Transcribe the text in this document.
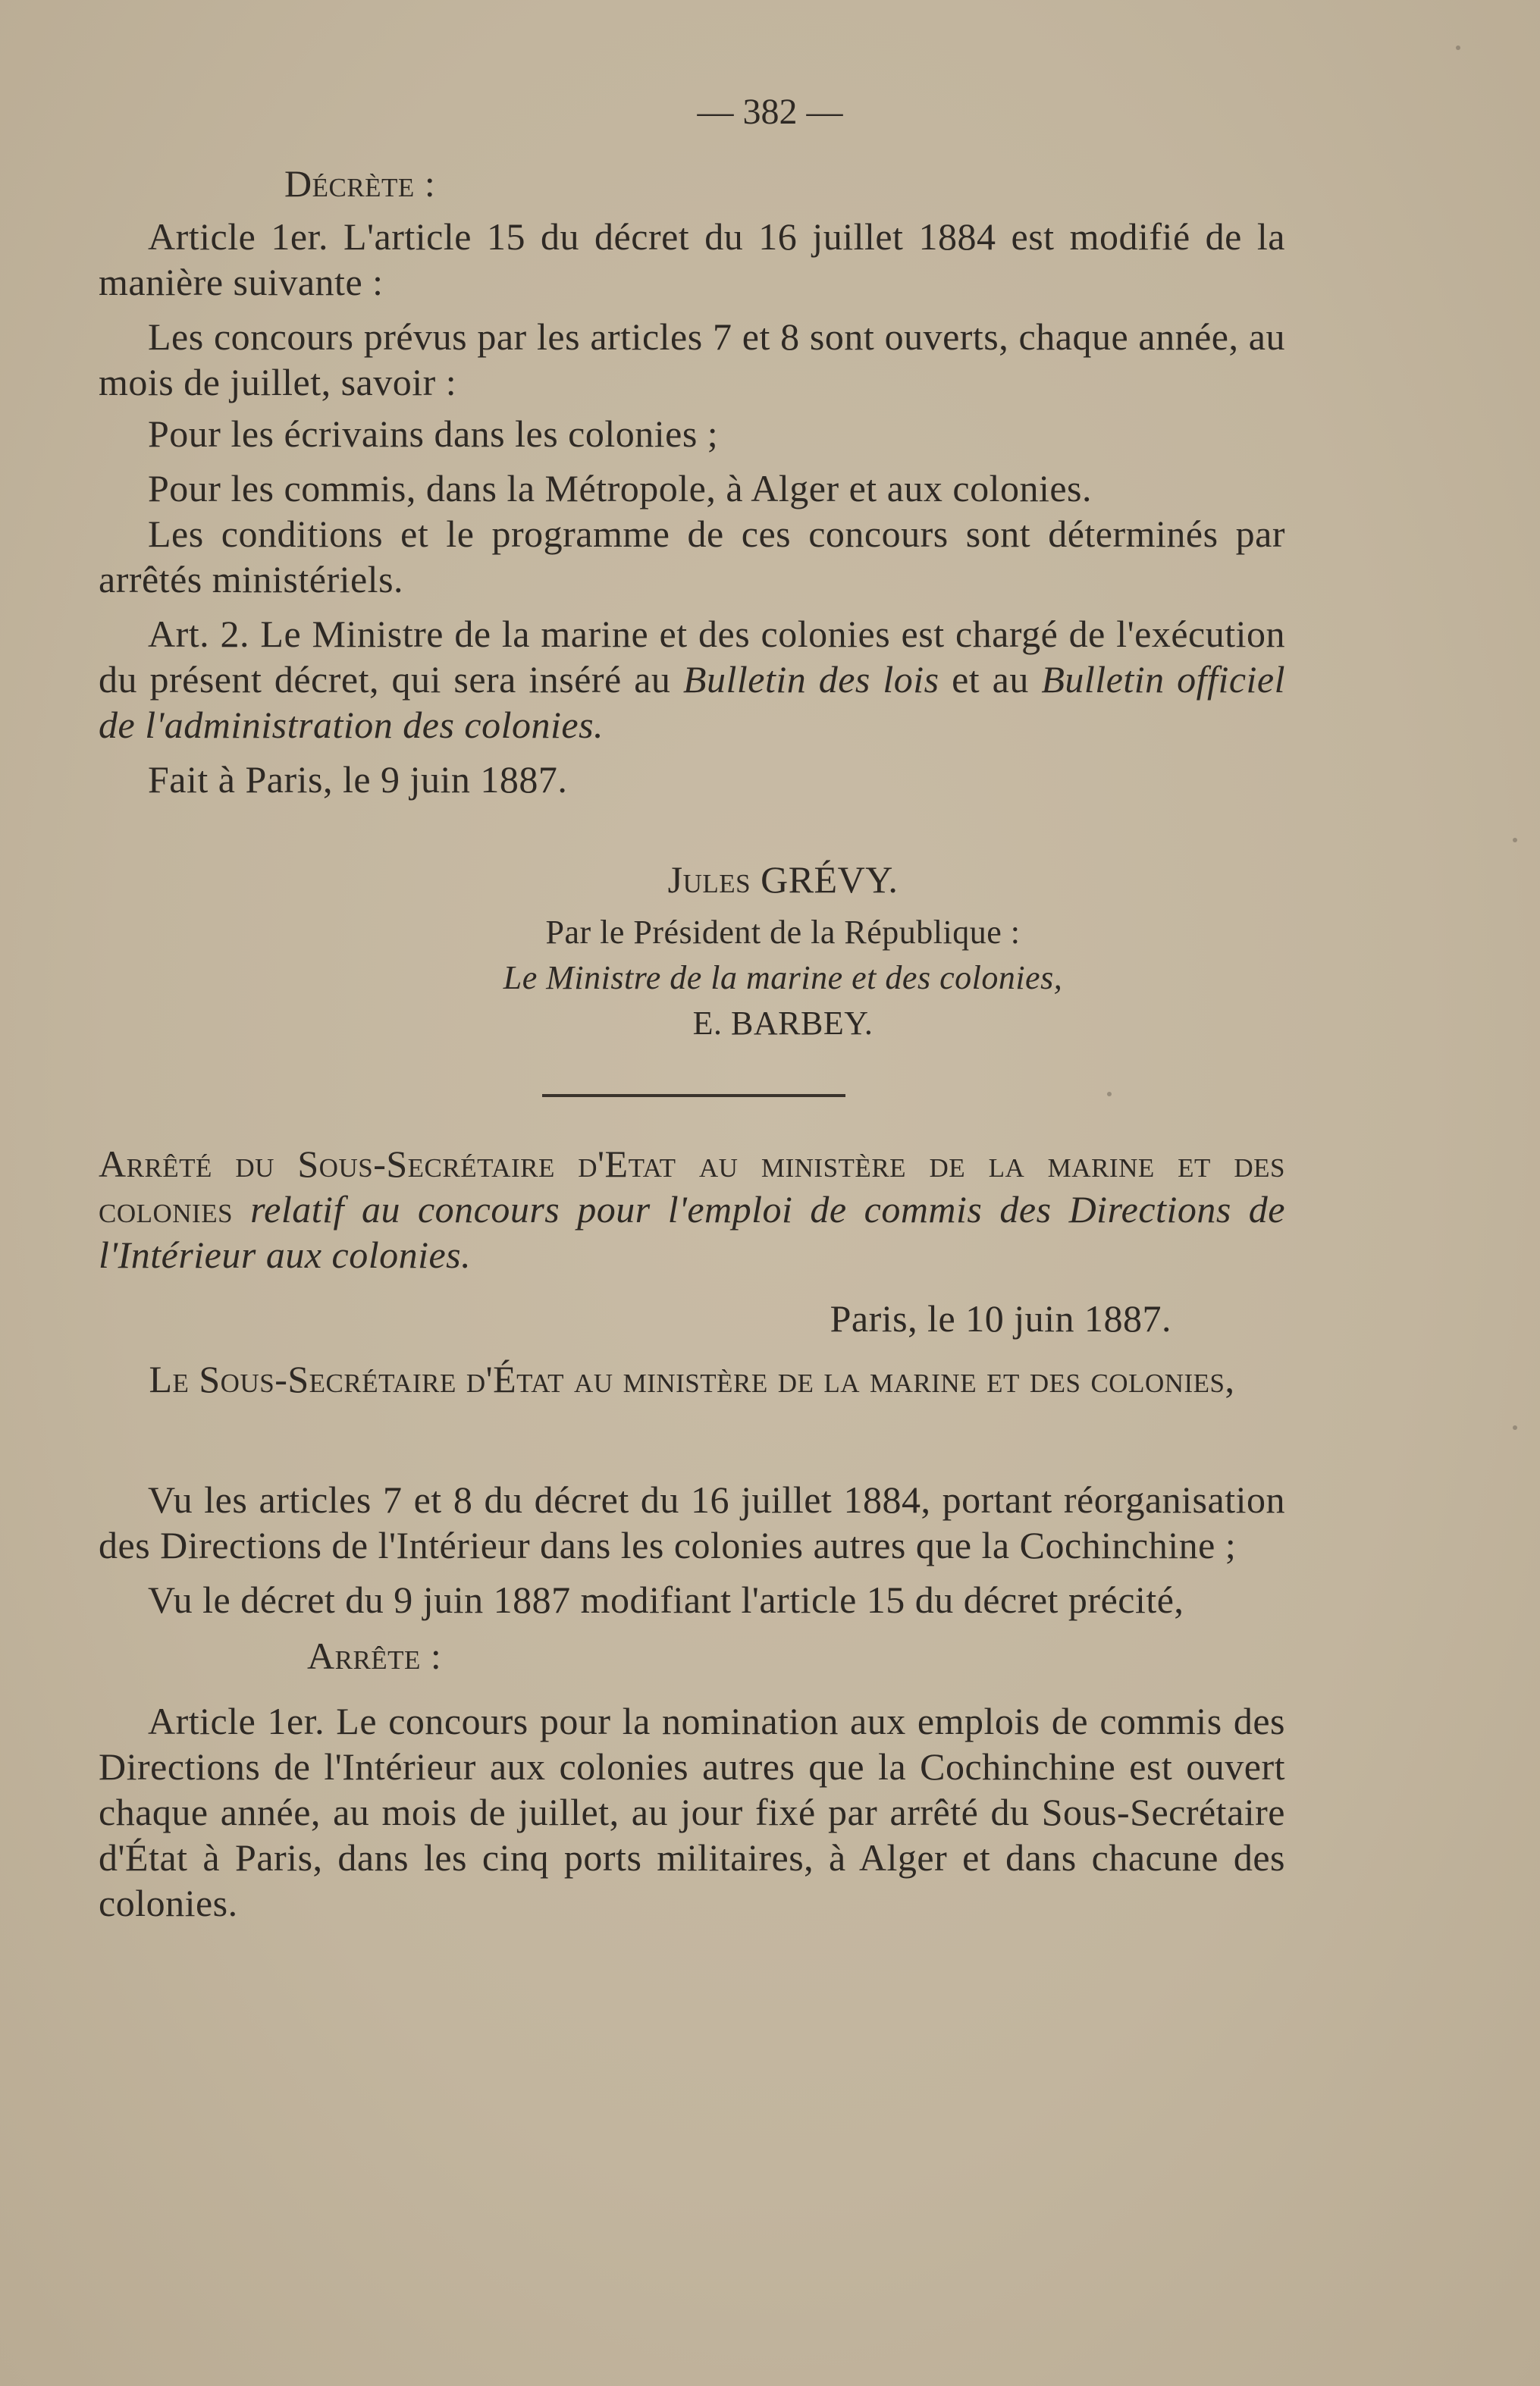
— 382 —

Décrète :

Article 1er. L'article 15 du décret du 16 juillet 1884 est modifié de la manière suivante :

Les concours prévus par les articles 7 et 8 sont ouverts, chaque année, au mois de juillet, savoir :

Pour les écrivains dans les colonies ;

Pour les commis, dans la Métropole, à Alger et aux colonies.

Les conditions et le programme de ces concours sont déterminés par arrêtés ministériels.

Art. 2. Le Ministre de la marine et des colonies est chargé de l'exécution du présent décret, qui sera inséré au Bulletin des lois et au Bulletin officiel de l'administration des colonies.

Fait à Paris, le 9 juin 1887.

Jules GRÉVY.

Par le Président de la République :

Le Ministre de la marine et des colonies,

E. BARBEY.

Arrêté du Sous-Secrétaire d'Etat au ministère de la marine et des colonies relatif au concours pour l'emploi de commis des Directions de l'Intérieur aux colonies.

Paris, le 10 juin 1887.

Le Sous-Secrétaire d'État au ministère de la marine et des colonies,

Vu les articles 7 et 8 du décret du 16 juillet 1884, portant réorganisation des Directions de l'Intérieur dans les colonies autres que la Cochinchine ;

Vu le décret du 9 juin 1887 modifiant l'article 15 du décret précité,

Arrête :

Article 1er. Le concours pour la nomination aux emplois de commis des Directions de l'Intérieur aux colonies autres que la Cochinchine est ouvert chaque année, au mois de juillet, au jour fixé par arrêté du Sous-Secrétaire d'État à Paris, dans les cinq ports militaires, à Alger et dans chacune des colonies.
